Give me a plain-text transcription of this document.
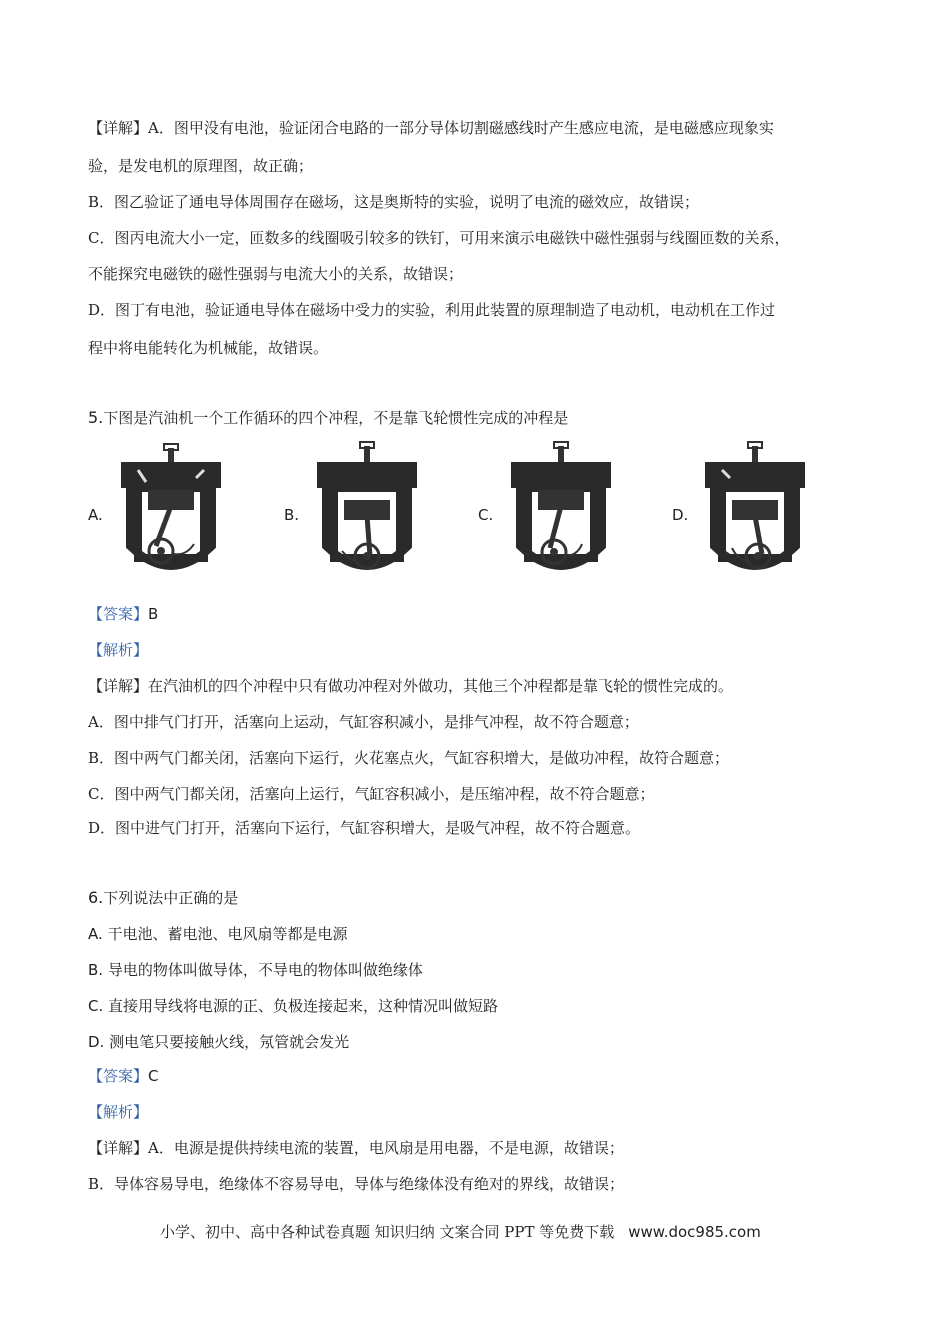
【详解】A．图甲没有电池，验证闭合电路的一部分导体切割磁感线时产生感应电流，是电磁感应现象实
验，是发电机的原理图，故正确；
B．图乙验证了通电导体周围存在磁场，这是奥斯特的实验，说明了电流的磁效应，故错误；
C．图丙电流大小一定，匝数多的线圈吸引较多的铁钉，可用来演示电磁铁中磁性强弱与线圈匝数的关系，
不能探究电磁铁的磁性强弱与电流大小的关系，故错误；
D．图丁有电池，验证通电导体在磁场中受力的实验，利用此装置的原理制造了电动机，电动机在工作过
程中将电能转化为机械能，故错误。
5.下图是汽油机一个工作循环的四个冲程，不是靠飞轮惯性完成的冲程是
A.	B.	C.	D.
【答案】B
【解析】
【详解】在汽油机的四个冲程中只有做功冲程对外做功，其他三个冲程都是靠飞轮的惯性完成的。
A．图中排气门打开，活塞向上运动，气缸容积减小，是排气冲程，故不符合题意；
B．图中两气门都关闭，活塞向下运行，火花塞点火，气缸容积增大，是做功冲程，故符合题意；
C．图中两气门都关闭，活塞向上运行，气缸容积减小，是压缩冲程，故不符合题意；
D．图中进气门打开，活塞向下运行，气缸容积增大，是吸气冲程，故不符合题意。
6.下列说法中正确的是
A. 干电池、蓄电池、电风扇等都是电源
B. 导电的物体叫做导体，不导电的物体叫做绝缘体
C. 直接用导线将电源的正、负极连接起来，这种情况叫做短路
D. 测电笔只要接触火线，氖管就会发光
【答案】C
【解析】
【详解】A．电源是提供持续电流的装置，电风扇是用电器，不是电源，故错误；
B．导体容易导电，绝缘体不容易导电，导体与绝缘体没有绝对的界线，故错误；
小学、初中、高中各种试卷真题 知识归纳 文案合同 PPT 等免费下载 www.doc985.com
